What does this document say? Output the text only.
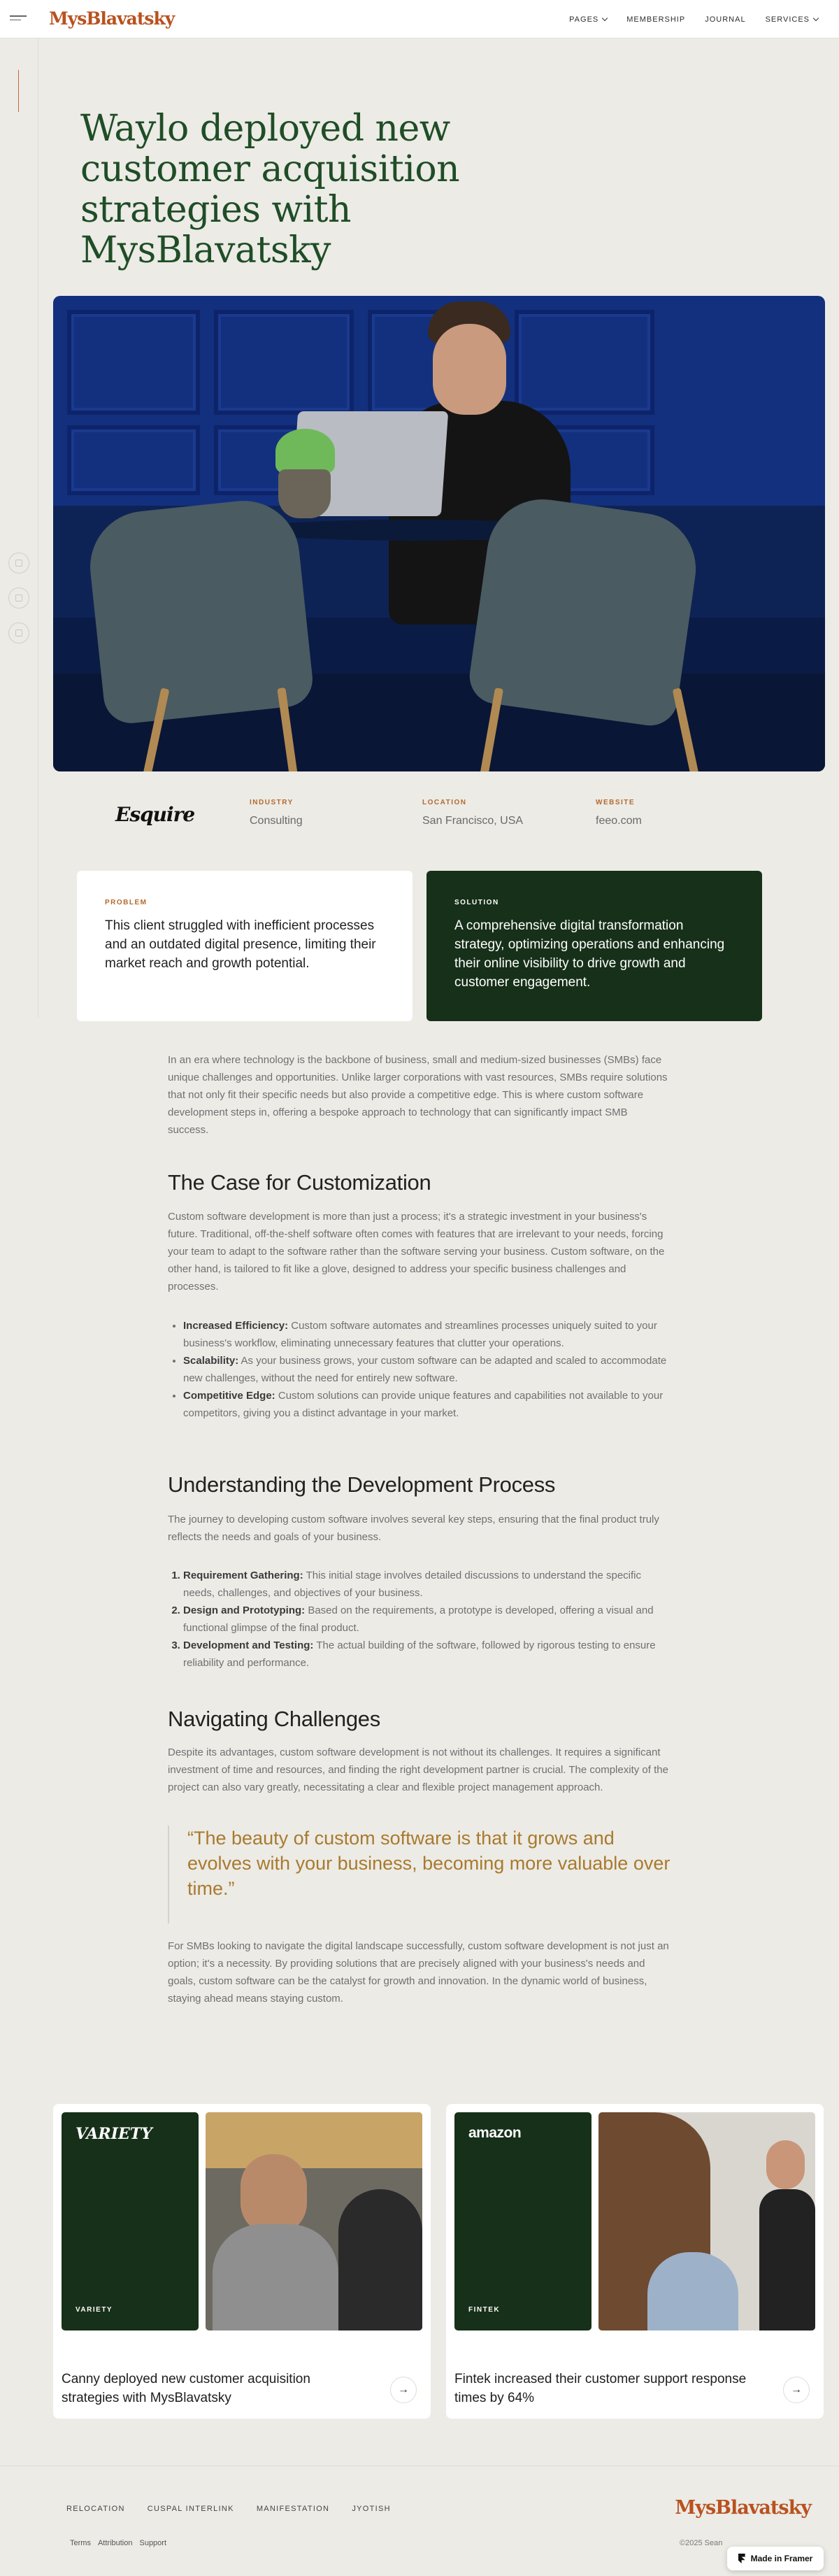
MysBlavatsky	PAGES	MEMBERSHIP	JOURNAL	SERVICES
Waylo deployed new customer acquisition strategies with MysBlavatsky
Esquire
INDUSTRY
Consulting
LOCATION
San Francisco, USA
WEBSITE
feeo.com
PROBLEM
This client struggled with inefficient processes and an outdated digital presence, limiting their market reach and growth potential.
SOLUTION
A comprehensive digital transformation strategy, optimizing operations and enhancing their online visibility to drive growth and customer engagement.

In an era where technology is the backbone of business, small and medium-sized businesses (SMBs) face unique challenges and opportunities. Unlike larger corporations with vast resources, SMBs require solutions that not only fit their specific needs but also provide a competitive edge. This is where custom software development steps in, offering a bespoke approach to technology that can significantly impact SMB success.

The Case for Customization

Custom software development is more than just a process; it's a strategic investment in your business's future. Traditional, off-the-shelf software often comes with features that are irrelevant to your needs, forcing your team to adapt to the software rather than the software serving your business. Custom software, on the other hand, is tailored to fit like a glove, designed to address your specific business challenges and processes.

• Increased Efficiency: Custom software automates and streamlines processes uniquely suited to your business's workflow, eliminating unnecessary features that clutter your operations.
• Scalability: As your business grows, your custom software can be adapted and scaled to accommodate new challenges, without the need for entirely new software.
• Competitive Edge: Custom solutions can provide unique features and capabilities not available to your competitors, giving you a distinct advantage in your market.
Understanding the Development Process

The journey to developing custom software involves several key steps, ensuring that the final product truly reflects the needs and goals of your business.

1. Requirement Gathering: This initial stage involves detailed discussions to understand the specific needs, challenges, and objectives of your business.
2. Design and Prototyping: Based on the requirements, a prototype is developed, offering a visual and functional glimpse of the final product.
3. Development and Testing: The actual building of the software, followed by rigorous testing to ensure reliability and performance.
Navigating Challenges

Despite its advantages, custom software development is not without its challenges. It requires a significant investment of time and resources, and finding the right development partner is crucial. The complexity of the project can also vary greatly, necessitating a clear and flexible project management approach.

“The beauty of custom software is that it grows and evolves with your business, becoming more valuable over time.”

For SMBs looking to navigate the digital landscape successfully, custom software development is not just an option; it's a necessity. By providing solutions that are precisely aligned with your business's needs and goals, custom software can be the catalyst for growth and innovation. In the dynamic world of business, staying ahead means staying custom.

VARIETY
VARIETY
Canny deployed new customer acquisition strategies with MysBlavatsky
→
amazon
FINTEK
Fintek increased their customer support response times by 64%
→
RELOCATION	CUSPAL INTERLINK	MANIFESTATION	JYOTISH
Terms Attribution Support
MysBlavatsky
©2025 Sean
Made in Framer
